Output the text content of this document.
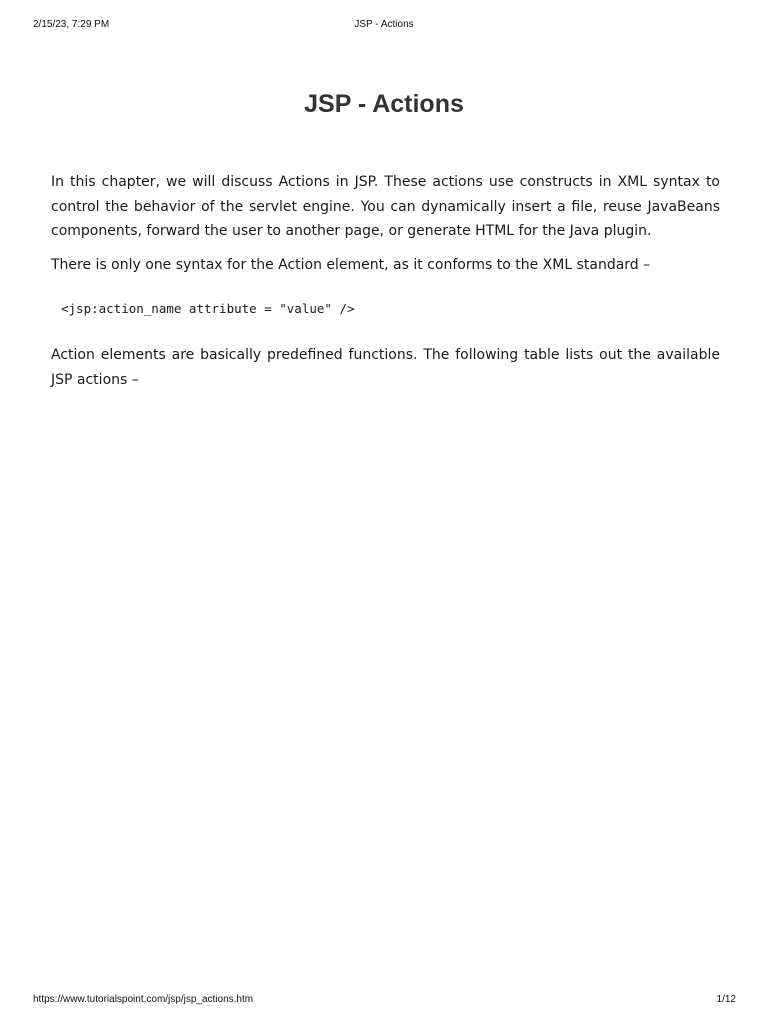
2/15/23, 7:29 PM	JSP - Actions
JSP - Actions

In this chapter, we will discuss Actions in JSP. These actions use constructs in XML syntax to control the behavior of the servlet engine. You can dynamically insert a file, reuse JavaBeans components, forward the user to another page, or generate HTML for the Java plugin.

There is only one syntax for the Action element, as it conforms to the XML standard –

<jsp:action_name attribute = "value" />

Action elements are basically predefined functions. The following table lists out the available JSP actions –

https://www.tutorialspoint.com/jsp/jsp_actions.htm	1/12
